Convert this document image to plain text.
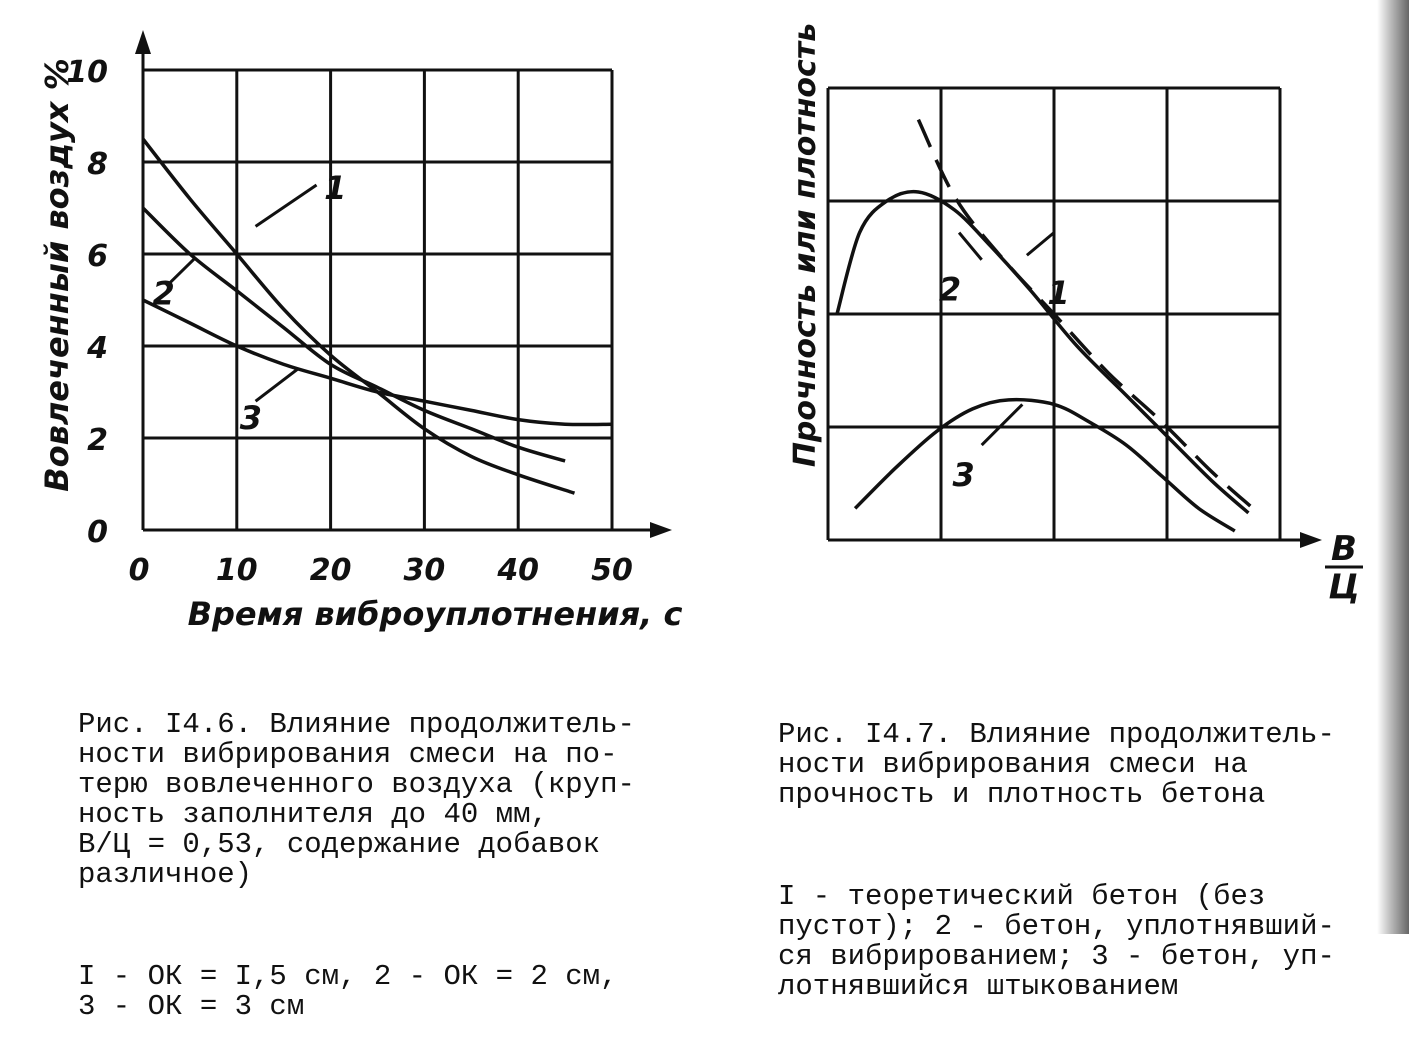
1
2
3
0 10 20 30 40 50
0
2
4
6
8
10
Время виброуплотнения, с
Вовлеченный воздух %	1
2
3
Прочность или плотность
В
Ц

Рис. I4.6. Влияние продолжитель-
ности вибрирования смеси на по-
терю вовлеченного воздуха (круп-
ность заполнителя до 40 мм,
В/Ц = 0,53, содержание добавок
различное)

I - ОК = I,5 см, 2 - ОК = 2 см,
3 - ОК = 3 см

Рис. I4.7. Влияние продолжитель-
ности вибрирования смеси на
прочность и плотность бетона

I - теоретический бетон (без
пустот); 2 - бетон, уплотнявший-
ся вибрированием; 3 - бетон, уп-
лотнявшийся штыкованием
